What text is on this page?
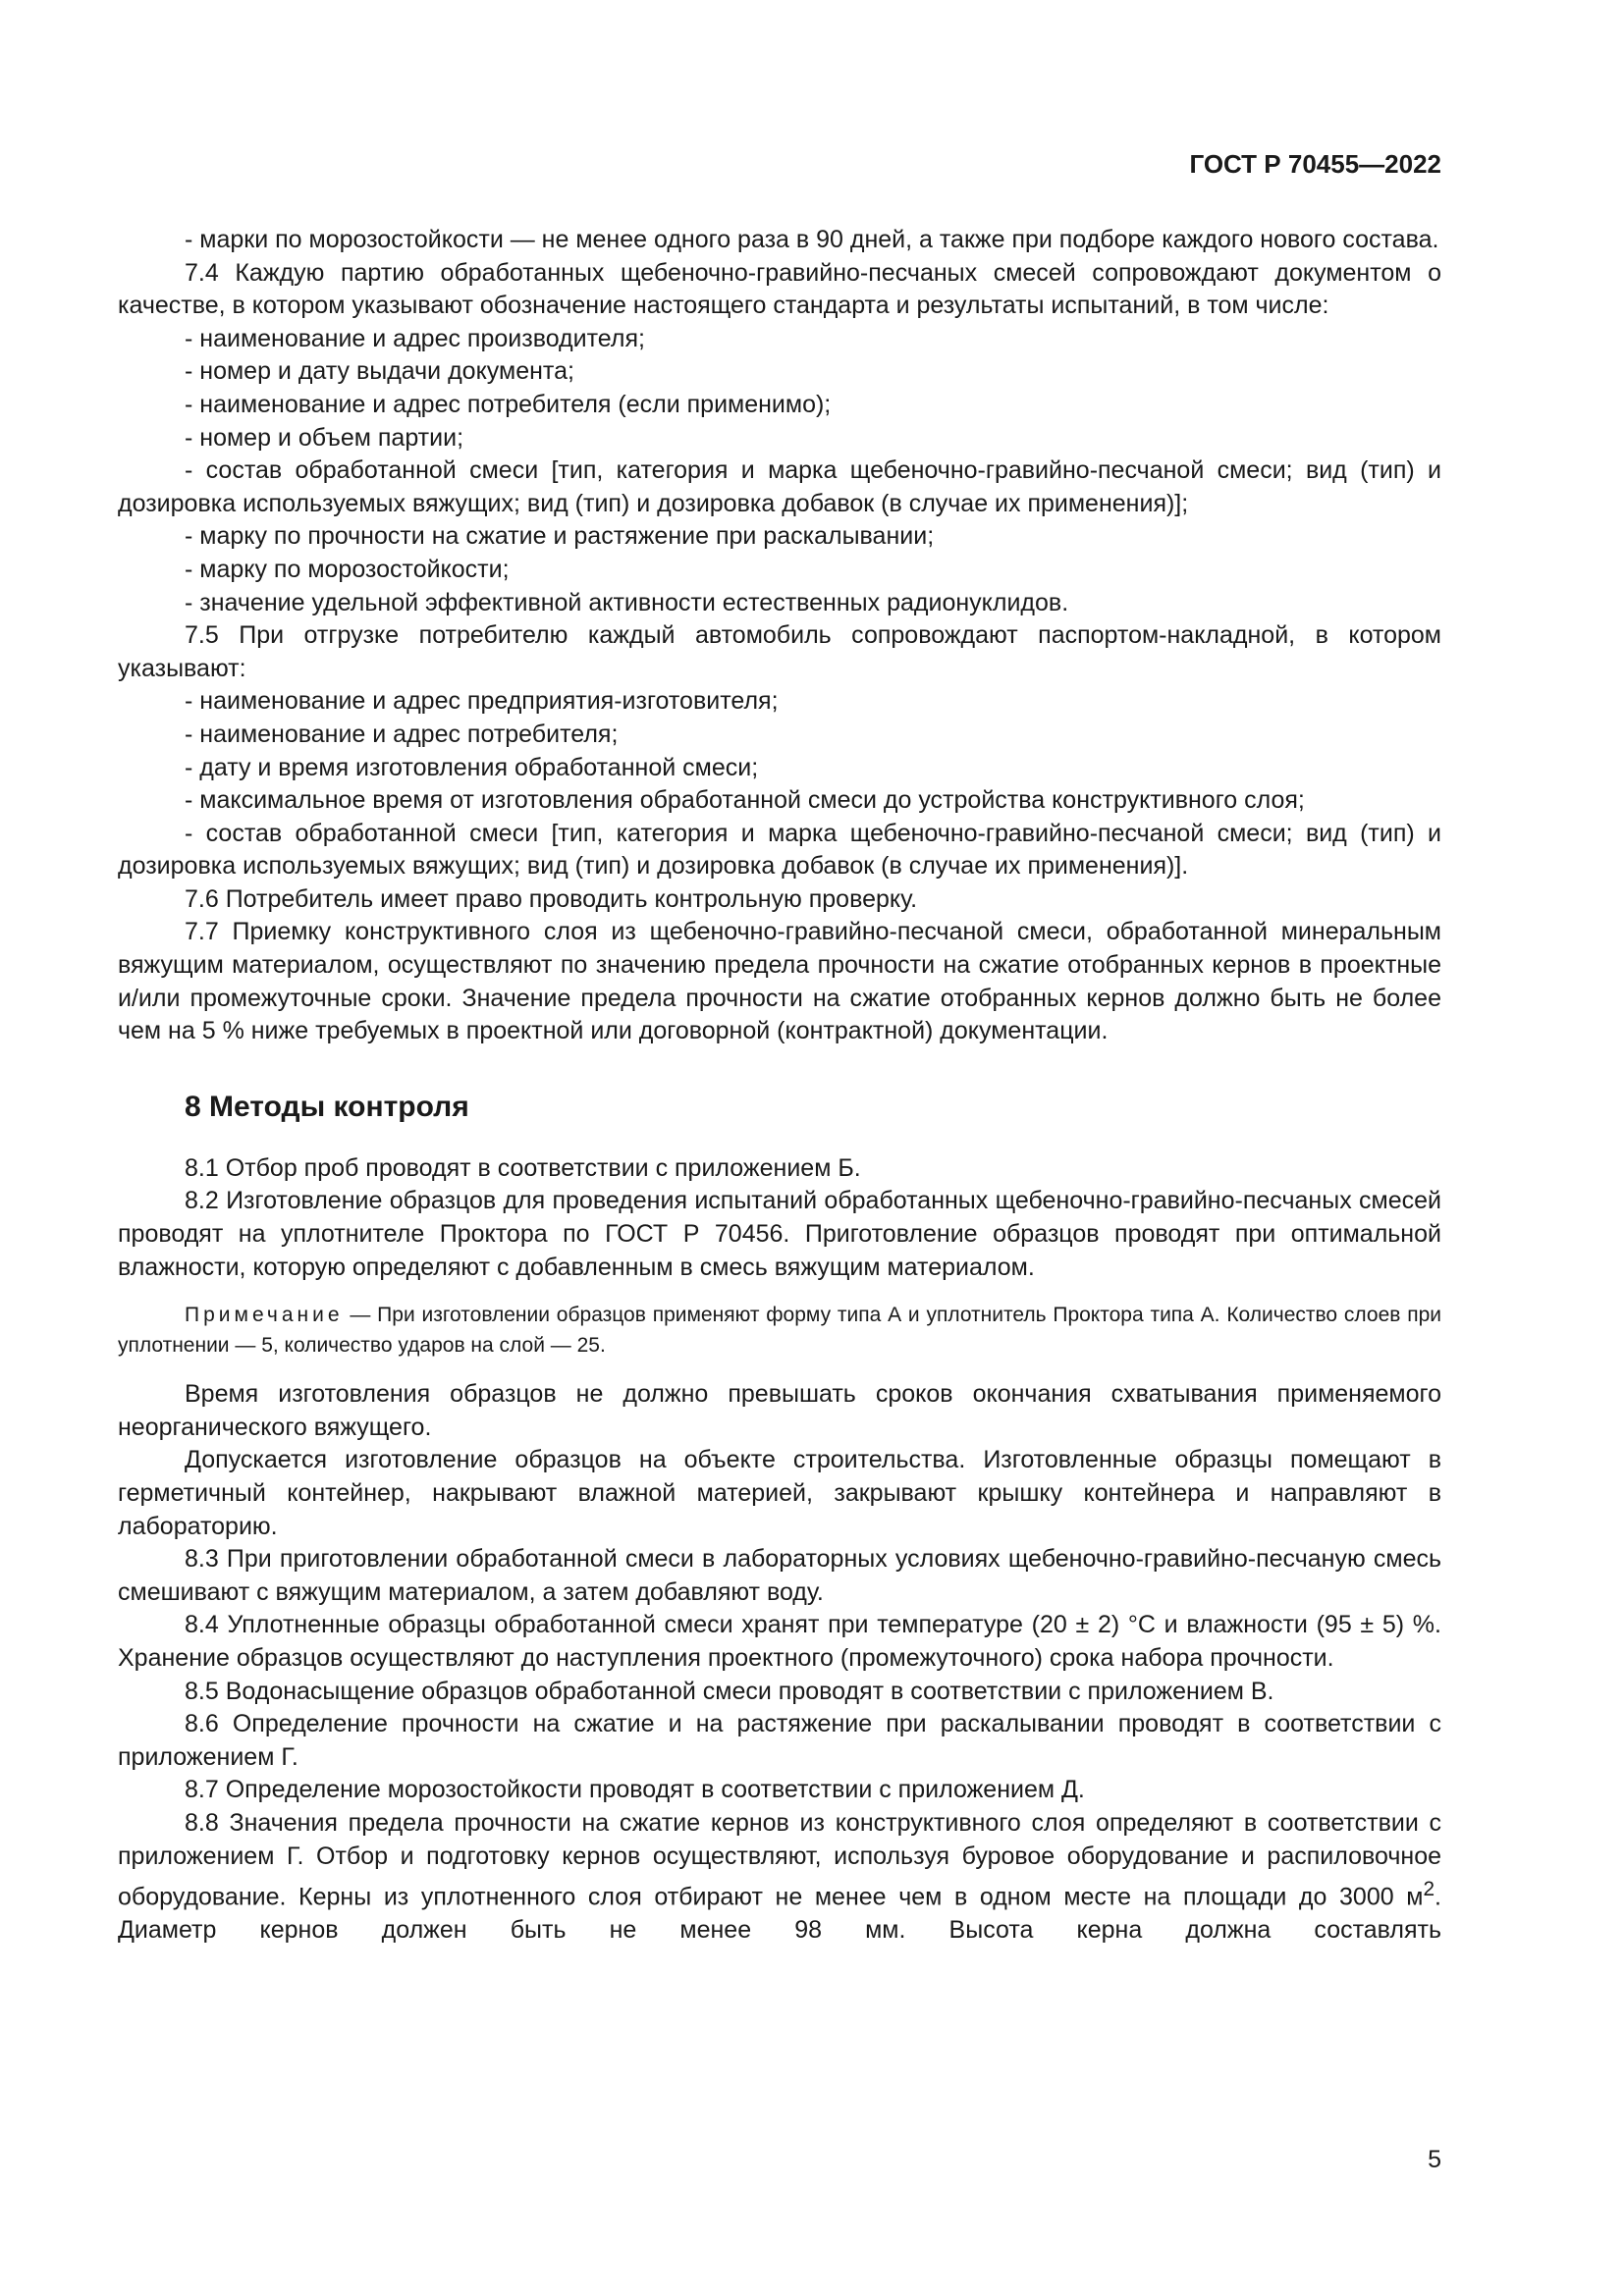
ГОСТ Р 70455—2022

- марки по морозостойкости — не менее одного раза в 90 дней, а также при подборе каждого нового состава.

7.4 Каждую партию обработанных щебеночно-гравийно-песчаных смесей сопровождают документом о качестве, в котором указывают обозначение настоящего стандарта и результаты испытаний, в том числе:

- наименование и адрес производителя;

- номер и дату выдачи документа;

- наименование и адрес потребителя (если применимо);

- номер и объем партии;

- состав обработанной смеси [тип, категория и марка щебеночно-гравийно-песчаной смеси; вид (тип) и дозировка используемых вяжущих; вид (тип) и дозировка добавок (в случае их применения)];

- марку по прочности на сжатие и растяжение при раскалывании;

- марку по морозостойкости;

- значение удельной эффективной активности естественных радионуклидов.

7.5 При отгрузке потребителю каждый автомобиль сопровождают паспортом-накладной, в котором указывают:

- наименование и адрес предприятия-изготовителя;

- наименование и адрес потребителя;

- дату и время изготовления обработанной смеси;

- максимальное время от изготовления обработанной смеси до устройства конструктивного слоя;

- состав обработанной смеси [тип, категория и марка щебеночно-гравийно-песчаной смеси; вид (тип) и дозировка используемых вяжущих; вид (тип) и дозировка добавок (в случае их применения)].

7.6 Потребитель имеет право проводить контрольную проверку.

7.7 Приемку конструктивного слоя из щебеночно-гравийно-песчаной смеси, обработанной минеральным вяжущим материалом, осуществляют по значению предела прочности на сжатие отобранных кернов в проектные и/или промежуточные сроки. Значение предела прочности на сжатие отобранных кернов должно быть не более чем на 5 % ниже требуемых в проектной или договорной (контрактной) документации.

8 Методы контроля

8.1 Отбор проб проводят в соответствии с приложением Б.

8.2 Изготовление образцов для проведения испытаний обработанных щебеночно-гравийно-песчаных смесей проводят на уплотнителе Проктора по ГОСТ Р 70456. Приготовление образцов проводят при оптимальной влажности, которую определяют с добавленным в смесь вяжущим материалом.

Примечание — При изготовлении образцов применяют форму типа А и уплотнитель Проктора типа А. Количество слоев при уплотнении — 5, количество ударов на слой — 25.

Время изготовления образцов не должно превышать сроков окончания схватывания применяемого неорганического вяжущего.

Допускается изготовление образцов на объекте строительства. Изготовленные образцы помещают в герметичный контейнер, накрывают влажной материей, закрывают крышку контейнера и направляют в лабораторию.

8.3 При приготовлении обработанной смеси в лабораторных условиях щебеночно-гравийно-песчаную смесь смешивают с вяжущим материалом, а затем добавляют воду.

8.4 Уплотненные образцы обработанной смеси хранят при температуре (20 ± 2) °С и влажности (95 ± 5) %. Хранение образцов осуществляют до наступления проектного (промежуточного) срока набора прочности.

8.5 Водонасыщение образцов обработанной смеси проводят в соответствии с приложением В.

8.6 Определение прочности на сжатие и на растяжение при раскалывании проводят в соответствии с приложением Г.

8.7 Определение морозостойкости проводят в соответствии с приложением Д.

8.8 Значения предела прочности на сжатие кернов из конструктивного слоя определяют в соответствии с приложением Г. Отбор и подготовку кернов осуществляют, используя буровое оборудование и распиловочное оборудование. Керны из уплотненного слоя отбирают не менее чем в одном месте на площади до 3000 $м^2$. Диаметр кернов должен быть не менее 98 мм. Высота керна должна составлять

5
